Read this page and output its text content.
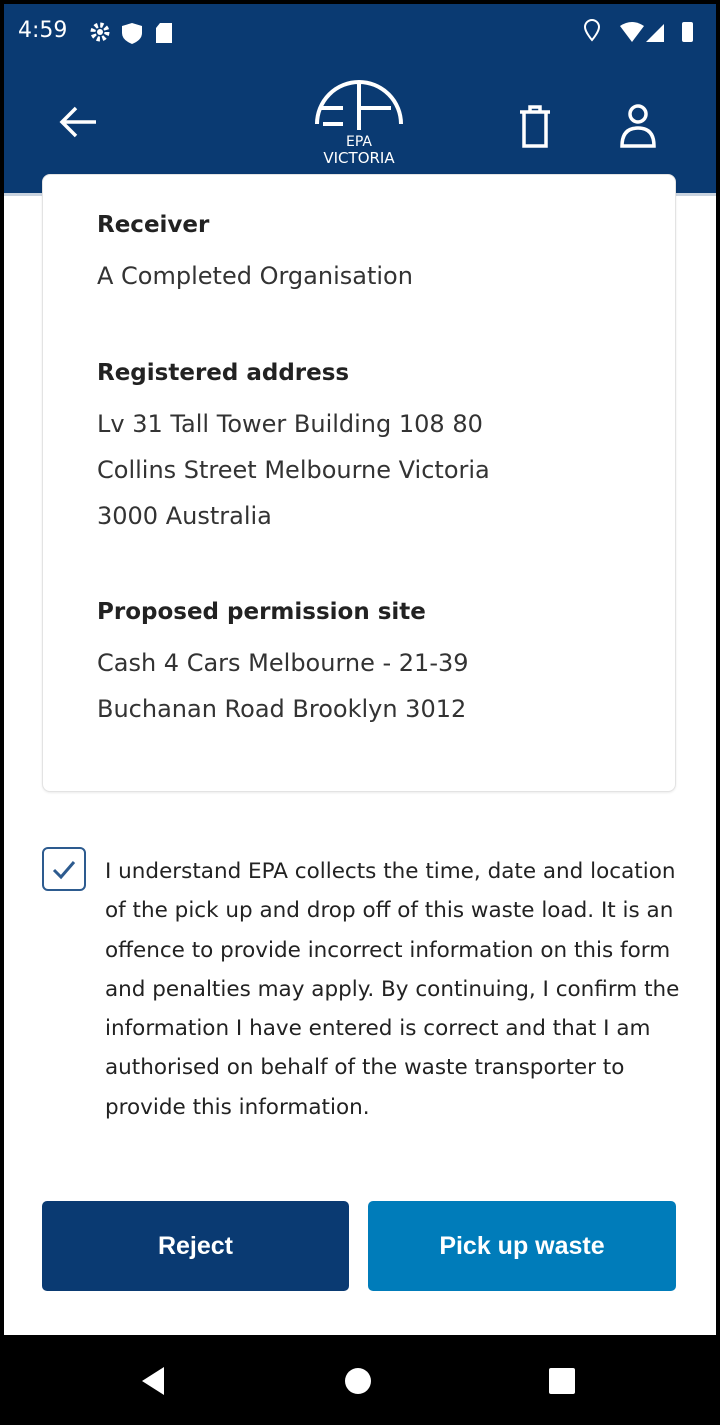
4:59
EPA
VICTORIA
Receiver
A Completed Organisation
Registered address
Lv 31 Tall Tower Building 108 80
Collins Street Melbourne Victoria
3000 Australia
Proposed permission site
Cash 4 Cars Melbourne - 21-39
Buchanan Road Brooklyn 3012
I understand EPA collects the time, date and location of the pick up and drop off of this waste load. It is an offence to provide incorrect information on this form and penalties may apply. By continuing, I confirm the information I have entered is correct and that I am authorised on behalf of the waste transporter to provide this information.
Reject	Pick up waste
